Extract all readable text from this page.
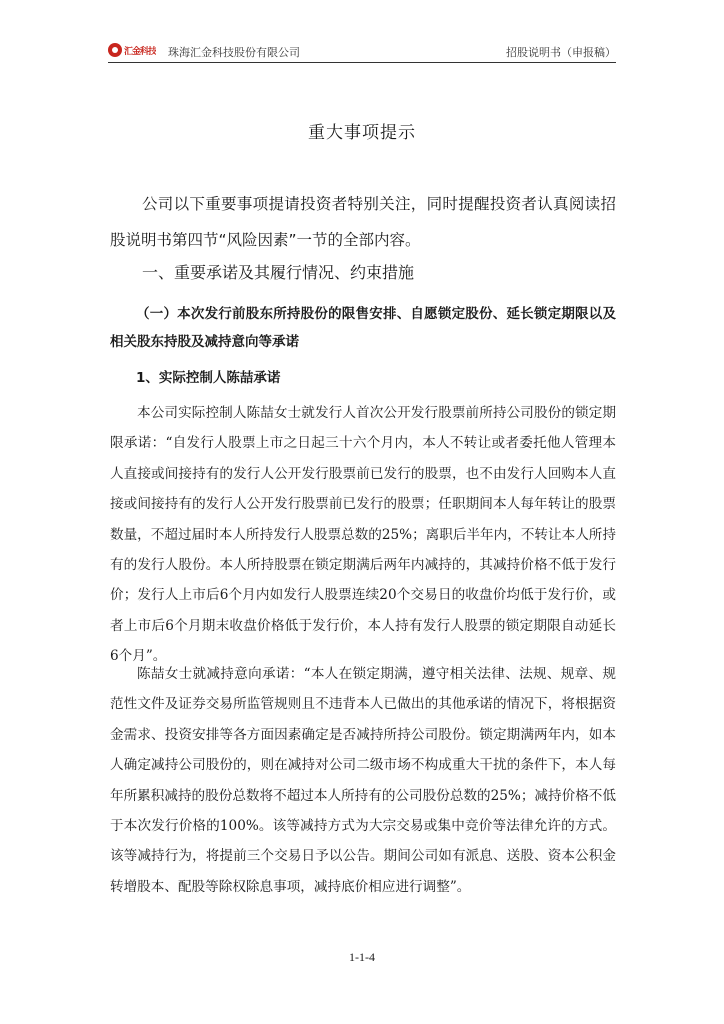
汇金科技 珠海汇金科技股份有限公司	招股说明书（申报稿）
重大事项提示

公司以下重要事项提请投资者特别关注，同时提醒投资者认真阅读招股说明书第四节“风险因素”一节的全部内容。

一、重要承诺及其履行情况、约束措施

（一）本次发行前股东所持股份的限售安排、自愿锁定股份、延长锁定期限以及相关股东持股及减持意向等承诺

1、实际控制人陈喆承诺

本公司实际控制人陈喆女士就发行人首次公开发行股票前所持公司股份的锁定期限承诺：“自发行人股票上市之日起三十六个月内，本人不转让或者委托他人管理本人直接或间接持有的发行人公开发行股票前已发行的股票，也不由发行人回购本人直接或间接持有的发行人公开发行股票前已发行的股票；任职期间本人每年转让的股票数量，不超过届时本人所持发行人股票总数的25%；离职后半年内，不转让本人所持有的发行人股份。本人所持股票在锁定期满后两年内减持的，其减持价格不低于发行价；发行人上市后6个月内如发行人股票连续20个交易日的收盘价均低于发行价，或者上市后6个月期末收盘价格低于发行价，本人持有发行人股票的锁定期限自动延长6个月”。

陈喆女士就减持意向承诺：“本人在锁定期满，遵守相关法律、法规、规章、规范性文件及证券交易所监管规则且不违背本人已做出的其他承诺的情况下，将根据资金需求、投资安排等各方面因素确定是否减持所持公司股份。锁定期满两年内，如本人确定减持公司股份的，则在减持对公司二级市场不构成重大干扰的条件下，本人每年所累积减持的股份总数将不超过本人所持有的公司股份总数的25%；减持价格不低于本次发行价格的100%。该等减持方式为大宗交易或集中竞价等法律允许的方式。该等减持行为，将提前三个交易日予以公告。期间公司如有派息、送股、资本公积金转增股本、配股等除权除息事项，减持底价相应进行调整”。

1-1-4
